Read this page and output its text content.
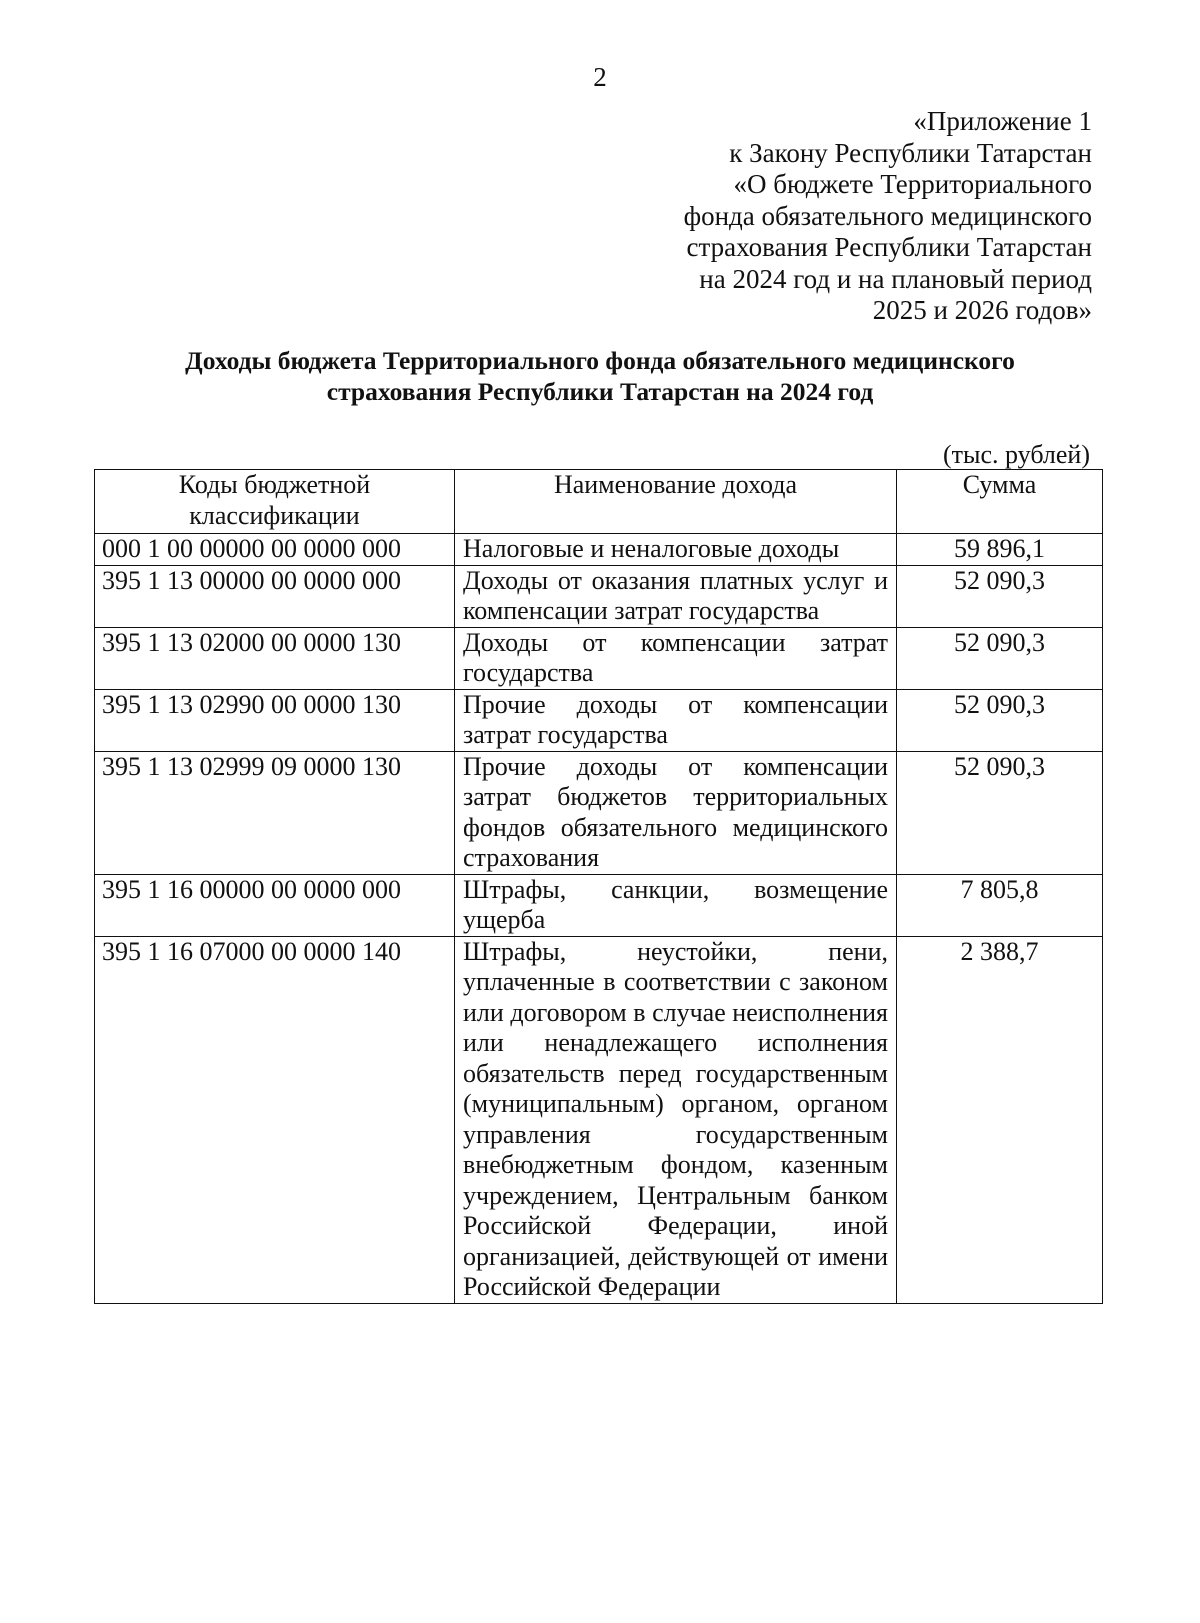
2
«Приложение 1
к Закону Республики Татарстан
«О бюджете Территориального
фонда обязательного медицинского
страхования Республики Татарстан
на 2024 год и на плановый период
2025 и 2026 годов»
Доходы бюджета Территориального фонда обязательного медицинского
страхования Республики Татарстан на 2024 год
(тыс. рублей)
Коды бюджетной классификации	Наименование дохода	Сумма
000 1 00 00000 00 0000 000	Налоговые и неналоговые доходы	59 896,1
395 1 13 00000 00 0000 000	Доходы от оказания платных услуг и компенсации затрат государства	52 090,3
395 1 13 02000 00 0000 130	Доходы от компенсации затрат государства	52 090,3
395 1 13 02990 00 0000 130	Прочие доходы от компенсации затрат государства	52 090,3
395 1 13 02999 09 0000 130	Прочие доходы от компенсации затрат бюджетов территориальных фондов обязательного медицинского страхования	52 090,3
395 1 16 00000 00 0000 000	Штрафы, санкции, возмещение ущерба	7 805,8
395 1 16 07000 00 0000 140	Штрафы, неустойки, пени, уплаченные в соответствии с законом или договором в случае неисполнения или ненадлежащего исполнения обязательств перед государственным (муниципальным) органом, органом управления государственным внебюджетным фондом, казенным учреждением, Центральным банком Российской Федерации, иной организацией, действующей от имени Российской Федерации	2 388,7
